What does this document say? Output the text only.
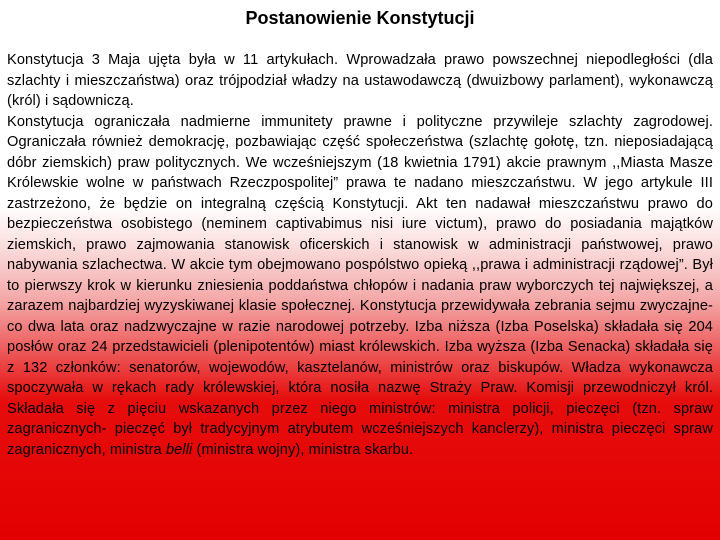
Postanowienie Konstytucji

Konstytucja 3 Maja ujęta była w 11 artykułach. Wprowadzała prawo powszechnej niepodległości (dla szlachty i mieszczaństwa) oraz trójpodział władzy na ustawodawczą (dwuizbowy parlament), wykonawczą (król) i sądowniczą.

Konstytucja ograniczała nadmierne immunitety prawne i polityczne przywileje szlachty zagrodowej. Ograniczała również demokrację, pozbawiając część społeczeństwa (szlachtę gołotę, tzn. nieposiadającą dóbr ziemskich) praw politycznych. We wcześniejszym (18 kwietnia 1791) akcie prawnym ,,Miasta Masze Królewskie wolne w państwach Rzeczpospolitej” prawa te nadano mieszczaństwu. W jego artykule III zastrzeżono, że będzie on integralną częścią Konstytucji. Akt ten nadawał mieszczaństwu prawo do bezpieczeństwa osobistego (neminem captivabimus nisi iure victum), prawo do posiadania majątków ziemskich, prawo zajmowania stanowisk oficerskich i stanowisk w administracji państwowej, prawo nabywania szlachectwa. W akcie tym obejmowano pospólstwo opieką ,,prawa i administracji rządowej”. Był to pierwszy krok w kierunku zniesienia poddaństwa chłopów i nadania praw wyborczych tej największej, a zarazem najbardziej wyzyskiwanej klasie społecznej. Konstytucja przewidywała zebrania sejmu zwyczajne- co dwa lata oraz nadzwyczajne w razie narodowej potrzeby. Izba niższa (Izba Poselska) składała się 204 posłów oraz 24 przedstawicieli (plenipotentów) miast królewskich. Izba wyższa (Izba Senacka) składała się z 132 członków: senatorów, wojewodów, kasztelanów, ministrów oraz biskupów. Władza wykonawcza spoczywała w rękach rady królewskiej, która nosiła nazwę Straży Praw. Komisji przewodniczył król. Składała się z pięciu wskazanych przez niego ministrów: ministra policji, pieczęci (tzn. spraw zagranicznych- pieczęć był tradycyjnym atrybutem wcześniejszych kanclerzy), ministra pieczęci spraw zagranicznych, ministra belli (ministra wojny), ministra skarbu.
